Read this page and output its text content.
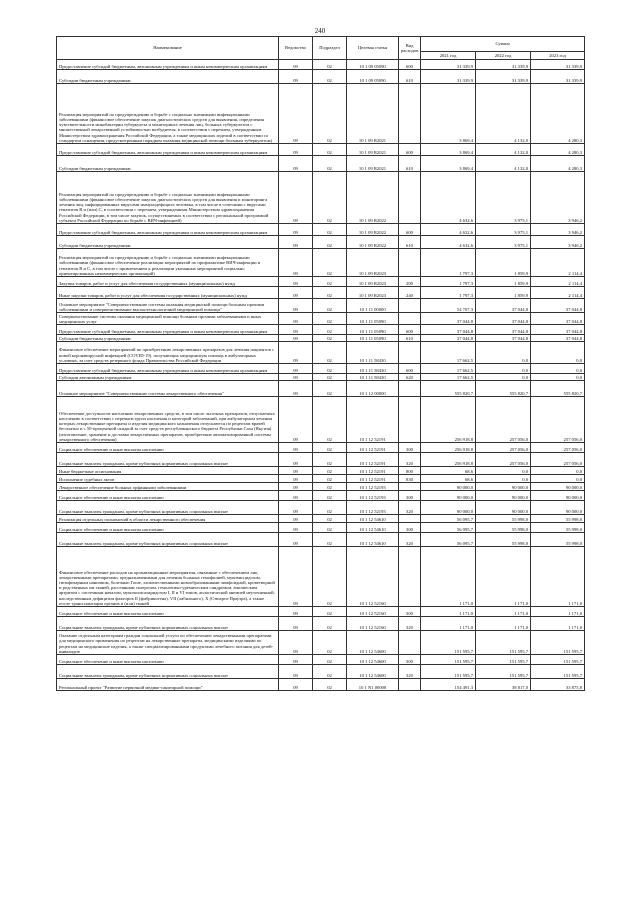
240
Наименование	Ведомство	Подраздел	Целевая статья	Вид расходов	Суммы		
					2021 год	2022 год	2023 год
Предоставление субсидий бюджетным, автономным учреждениям и иным некоммерческим организациям	09	02	10 1 09 05090	600	31 339,9	31 339,9	31 339,9
Субсидии бюджетным учреждениям	09	02	10 1 09 05090	610	31 339,9	31 339,9	31 339,9
Реализация мероприятий по предупреждению и борьбе с социально значимыми инфекционными заболеваниями (финансовое обеспечение закупок диагностических средств для выявления, определения чувствительности микобактерии туберкулеза и мониторинга лечения лиц, больных туберкулезом с множественной лекарственной устойчивостью возбудителя, в соответствии с перечнем, утвержденным Министерством здравоохранения Российской Федерации, а также медицинских изделий в соответствии со стандартом оснащения, предусмотренным порядком оказания медицинской помощи больным туберкулезом)	09	02	10 1 09 R2021		3 869,4	4 132,0	4 280,3
Предоставление субсидий бюджетным, автономным учреждениям и иным некоммерческим организациям	09	02	10 1 09 R2021	600	3 869,4	4 132,0	4 280,3
Субсидии бюджетным учреждениям	09	02	10 1 09 R2021	610	3 869,4	4 132,0	4 280,3
Реализация мероприятий по предупреждению и борьбе с социально значимыми инфекционными заболеваниями (финансовое обеспечение закупок диагностических средств для выявления и мониторинга лечения лиц, инфицированных вирусами иммунодефицита человека, в том числе в сочетании с вирусами гепатитов В и (или) С, в соответствии с перечнем, утвержденным Министерством здравоохранения Российской Федерации, в том числе закупок, осуществляемых в соответствии с региональной программой субъекта Российской Федерации по борьбе с ВИЧ-инфекцией)	09	02	10 1 09 R2022		4 632,6	3 975,1	3 946,2
Предоставление субсидий бюджетным, автономным учреждениям и иным некоммерческим организациям	09	02	10 1 09 R2022	600	4 632,6	3 975,1	3 946,2
Субсидии бюджетным учреждениям	09	02	10 1 09 R2022	610	4 632,6	3 975,1	3 946,2
Реализация мероприятий по предупреждению и борьбе с социально значимыми инфекционными заболеваниями (финансовое обеспечение реализации мероприятий по профилактике ВИЧ-инфекции и гепатитов В и С, в том числе с привлечением к реализации указанных мероприятий социально ориентированных некоммерческих организаций)	09	02	10 1 09 R2023		1 797,3	1 859,9	2 114,4
Закупка товаров, работ и услуг для обеспечения государственных (муниципальных) нужд	09	02	10 1 09 R2023	200	1 797,3	1 859,9	2 114,4
Иные закупки товаров, работ и услуг для обеспечения государственных (муниципальных) нужд	09	02	10 1 09 R2023	240	1 797,3	1 859,9	2 114,4
Основное мероприятие "Совершенствование системы оказания медицинской помощи больным прочими заболеваниями и совершенствование высокотехнологичной медицинской помощи"	09	02	10 1 11 00000		54 707,3	37 044,8	37 044,8
Совершенствование системы оказания медицинской помощи больным прочими заболеваниями и иных медицинских услуг	09	02	10 1 11 05090		37 044,8	37 044,8	37 044,8
Предоставление субсидий бюджетным, автономным учреждениям и иным некоммерческим организациям	09	02	10 1 11 05090	600	37 044,8	37 044,8	37 044,8
Субсидии бюджетным учреждениям	09	02	10 1 11 05090	610	37 044,8	37 044,8	37 044,8
Финансовое обеспечение мероприятий по приобретению лекарственных препаратов для лечения пациентов с новой коронавирусной инфекцией (COVID-19), получающих медицинскую помощь в амбулаторных условиях, за счет средств резервного фонда Правительства Российской Федерации	09	02	10 1 11 58430		17 662,5	0,0	0,0
Предоставление субсидий бюджетным, автономным учреждениям и иным некоммерческим организациям	09	02	10 1 11 58430	600	17 662,5	0,0	0,0
Субсидии автономным учреждениям	09	02	10 1 11 58430	620	17 662,5	0,0	0,0
Основное мероприятие "Совершенствование системы лекарственного обеспечения"	09	02	10 1 12 00000		555 820,7	555 820,7	555 820,7
Обеспечение доступности населению лекарственных средств, в том числе льготных препаратов, отпускаемых населению в соответствии с перечнем групп населения и категорий заболеваний, при амбулаторном лечении которых лекарственные препараты и изделия медицинского назначения отпускаются по рецептам врачей бесплатно и с 50-процентной скидкой за счет средств республиканского бюджета Республики Саха (Якутия) (изготовление, хранение и доставка лекарственных препаратов, приобретение автоматизированной системы лекарственного обеспечения)	09	02	10 1 12 52191		256 918,8	257 056,0	257 056,0
Социальное обеспечение и иные выплаты населению	09	02	10 1 12 52191	300	256 918,8	257 056,0	257 056,0
Социальные выплаты гражданам, кроме публичных нормативных социальных выплат	09	02	10 1 12 52191	320	256 918,8	257 056,0	257 056,0
Иные бюджетные ассигнования	09	02	10 1 12 52191	800	68,6	0,0	0,0
Исполнение судебных актов	09	02	10 1 12 52191	830	68,6	0,0	0,0
Лекарственное обеспечение больных орфанными заболеваниями	09	02	10 1 12 52193		90 000,0	90 000,0	90 000,0
Социальное обеспечение и иные выплаты населению	09	02	10 1 12 52193	300	90 000,0	90 000,0	90 000,0
Социальные выплаты гражданам, кроме публичных нормативных социальных выплат	09	02	10 1 12 52193	320	90 000,0	90 000,0	90 000,0
Реализация отдельных полномочий в области лекарственного обеспечения	09	02	10 1 12 54610		56 095,7	55 998,0	55 998,0
Социальное обеспечение и иные выплаты населению	09	02	10 1 12 54610	300	56 095,7	55 998,0	55 998,0
Социальные выплаты гражданам, кроме публичных нормативных социальных выплат	09	02	10 1 12 54610	320	56 095,7	55 998,0	55 998,0
Финансовое обеспечение расходов на организационные мероприятия, связанные с обеспечением лиц лекарственными препаратами, предназначенными для лечения больных гемофилией, муковисцидозом, гипофизарным нанизмом, болезнью Гоше, злокачественными новообразованиями лимфоидной, кроветворной и родственных им тканей, рассеянным склерозом, гемолитико-уремическим синдромом, юношеским артритом с системным началом, мукополисахаридозом I, II и VI типов, апластической анемией неуточненной, наследственным дефицитом факторов II (фибриногена), VII (лабильного), X (Стюарта-Прауэра), а также после трансплантации органов и (или) тканей	09	02	10 1 12 52160		1 171,0	1 171,0	1 171,0
Социальное обеспечение и иные выплаты населению	09	02	10 1 12 52160	300	1 171,0	1 171,0	1 171,0
Социальные выплаты гражданам, кроме публичных нормативных социальных выплат	09	02	10 1 12 52160	320	1 171,0	1 171,0	1 171,0
Оказание отдельным категориям граждан социальной услуги по обеспечению лекарственными препаратами для медицинского применения по рецептам на лекарственные препараты, медицинскими изделиями по рецептам на медицинские изделия, а также специализированными продуктами лечебного питания для детей-инвалидов	09	02	10 1 12 54600		151 595,7	151 595,7	151 595,7
Социальное обеспечение и иные выплаты населению	09	02	10 1 12 54600	300	151 595,7	151 595,7	151 595,7
Социальные выплаты гражданам, кроме публичных нормативных социальных выплат	09	02	10 1 12 54600	320	151 595,7	151 595,7	151 595,7
Региональный проект "Развитие первичной медико-санитарной помощи"	09	02	10 1 N1 00000		154 491,3	38 817,0	33 875,8
